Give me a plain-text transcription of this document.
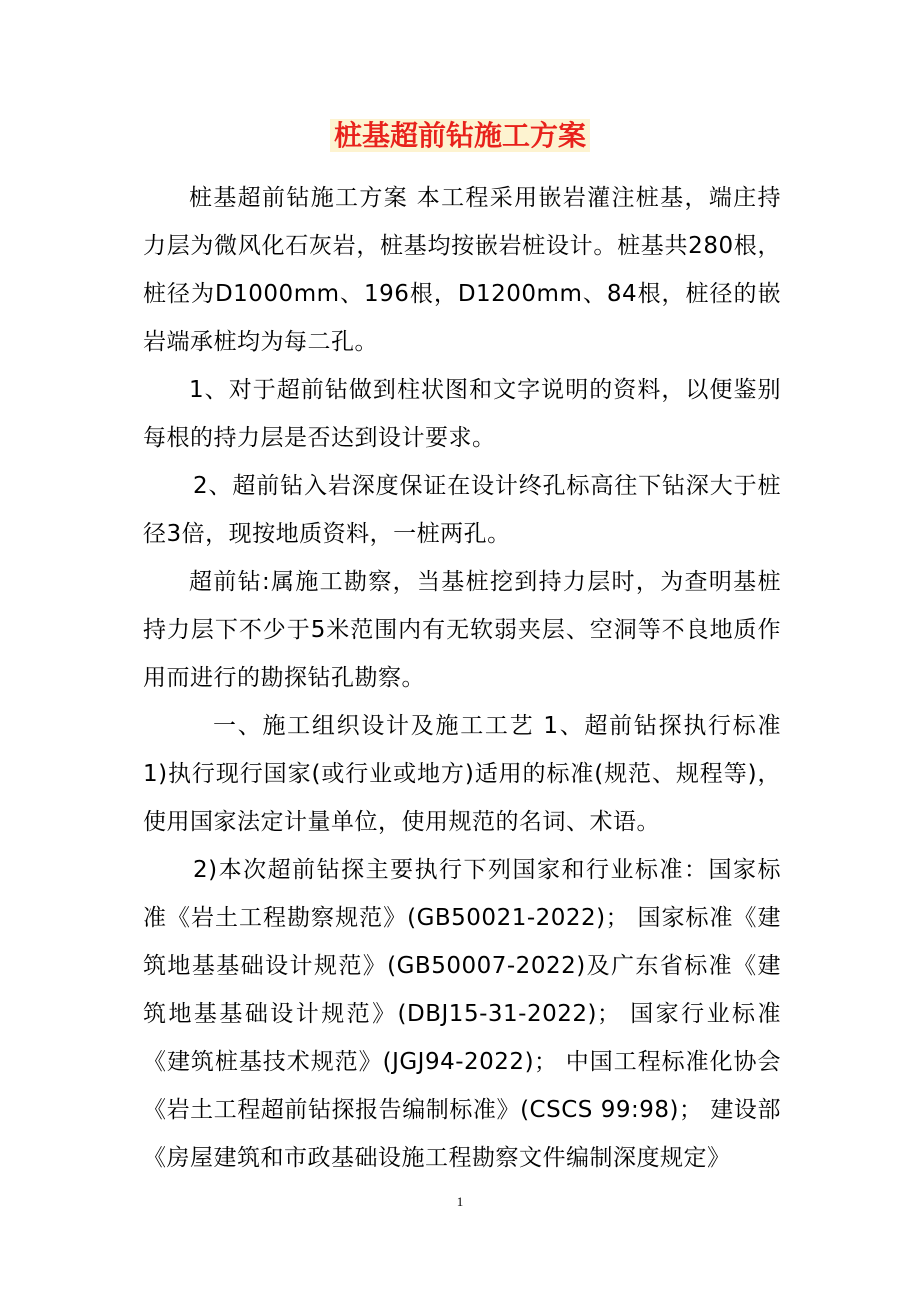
桩基超前钻施工方案

桩基超前钻施工方案 本工程采用嵌岩灌注桩基，端庄持力层为微风化石灰岩，桩基均按嵌岩桩设计。桩基共280根，桩径为D1000mm、196根，D1200mm、84根，桩径的嵌岩端承桩均为每二孔。

1、对于超前钻做到柱状图和文字说明的资料，以便鉴别每根的持力层是否达到设计要求。

2、超前钻入岩深度保证在设计终孔标高往下钻深大于桩径3倍，现按地质资料，一桩两孔。

超前钻:属施工勘察，当基桩挖到持力层时，为查明基桩持力层下不少于5米范围内有无软弱夹层、空洞等不良地质作用而进行的勘探钻孔勘察。

一、施工组织设计及施工工艺 1、超前钻探执行标准 1)执行现行国家(或行业或地方)适用的标准(规范、规程等)，使用国家法定计量单位，使用规范的名词、术语。

2)本次超前钻探主要执行下列国家和行业标准：国家标准《岩土工程勘察规范》(GB50021-2022)； 国家标准《建筑地基基础设计规范》(GB50007-2022)及广东省标准《建筑地基基础设计规范》(DBJ15-31-2022)； 国家行业标准《建筑桩基技术规范》(JGJ94-2022)； 中国工程标准化协会《岩土工程超前钻探报告编制标准》(CSCS 99:98)； 建设部《房屋建筑和市政基础设施工程勘察文件编制深度规定》

1
